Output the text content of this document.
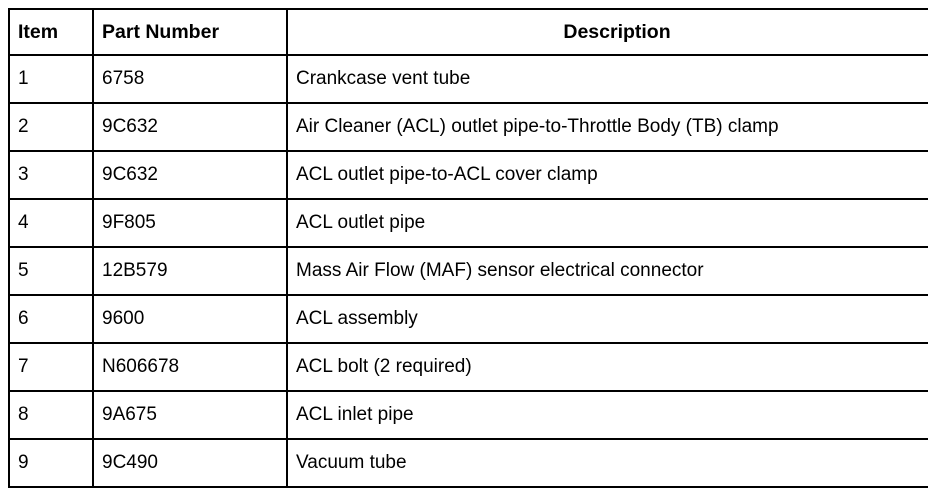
Item	Part Number	Description
1	6758	Crankcase vent tube
2	9C632	Air Cleaner (ACL) outlet pipe-to-Throttle Body (TB) clamp
3	9C632	ACL outlet pipe-to-ACL cover clamp
4	9F805	ACL outlet pipe
5	12B579	Mass Air Flow (MAF) sensor electrical connector
6	9600	ACL assembly
7	N606678	ACL bolt (2 required)
8	9A675	ACL inlet pipe
9	9C490	Vacuum tube
